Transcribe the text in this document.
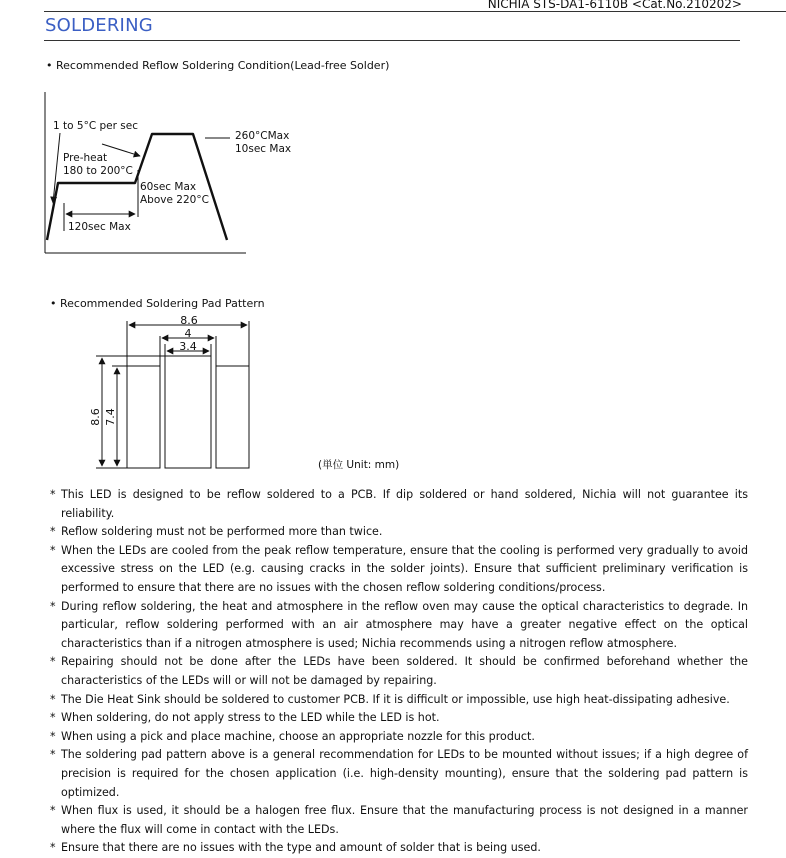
NICHIA STS-DA1-6110B <Cat.No.210202>
SOLDERING
• Recommended Reflow Soldering Condition(Lead-free Solder)
1 to 5°C per sec
Pre-heat
180 to 200°C
260°CMax
10sec Max
60sec Max
Above 220°C
120sec Max
8.6
4
3.4
8.6 7.4
• Recommended Soldering Pad Pattern
(単位 Unit: mm)
* This LED is designed to be reflow soldered to a PCB. If dip soldered or hand soldered, Nichia will not guarantee its reliability.
* Reflow soldering must not be performed more than twice.
* When the LEDs are cooled from the peak reflow temperature, ensure that the cooling is performed very gradually to avoid excessive stress on the LED (e.g. causing cracks in the solder joints). Ensure that sufficient preliminary verification is performed to ensure that there are no issues with the chosen reflow soldering conditions/process.
* During reflow soldering, the heat and atmosphere in the reflow oven may cause the optical characteristics to degrade. In particular, reflow soldering performed with an air atmosphere may have a greater negative effect on the optical characteristics than if a nitrogen atmosphere is used; Nichia recommends using a nitrogen reflow atmosphere.
* Repairing should not be done after the LEDs have been soldered. It should be confirmed beforehand whether the characteristics of the LEDs will or will not be damaged by repairing.
* The Die Heat Sink should be soldered to customer PCB. If it is difficult or impossible, use high heat-dissipating adhesive.
* When soldering, do not apply stress to the LED while the LED is hot.
* When using a pick and place machine, choose an appropriate nozzle for this product.
* The soldering pad pattern above is a general recommendation for LEDs to be mounted without issues; if a high degree of precision is required for the chosen application (i.e. high-density mounting), ensure that the soldering pad pattern is optimized.
* When flux is used, it should be a halogen free flux. Ensure that the manufacturing process is not designed in a manner where the flux will come in contact with the LEDs.
* Ensure that there are no issues with the type and amount of solder that is being used.
